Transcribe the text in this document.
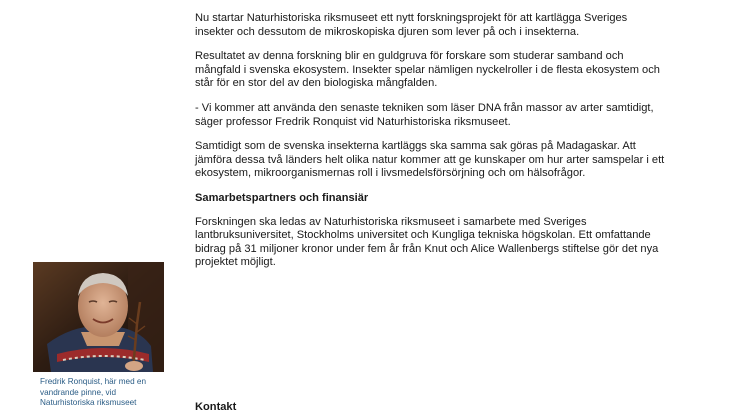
Nu startar Naturhistoriska riksmuseet ett nytt forskningsprojekt för att kartlägga Sveriges insekter och dessutom de mikroskopiska djuren som lever på och i insekterna.

Resultatet av denna forskning blir en guldgruva för forskare som studerar samband och mångfald i svenska ekosystem. Insekter spelar nämligen nyckelroller i de flesta ekosystem och står för en stor del av den biologiska mångfalden.

- Vi kommer att använda den senaste tekniken som läser DNA från massor av arter samtidigt, säger professor Fredrik Ronquist vid Naturhistoriska riksmuseet.

Samtidigt som de svenska insekterna kartläggs ska samma sak göras på Madagaskar. Att jämföra dessa två länders helt olika natur kommer att ge kunskaper om hur arter samspelar i ett ekosystem, mikroorganismernas roll i livsmedelsförsörjning och om hälsofrågor.

Samarbetspartners och finansiär

Forskningen ska ledas av Naturhistoriska riksmuseet i samarbete med Sveriges lantbruksuniversitet, Stockholms universitet och Kungliga tekniska högskolan. Ett omfattande bidrag på 31 miljoner kronor under fem år från Knut och Alice Wallenbergs stiftelse gör det nya projektet möjligt.

Fredrik Ronquist, här med en vandrande pinne, vid Naturhistoriska riksmuseet	Kontakt
